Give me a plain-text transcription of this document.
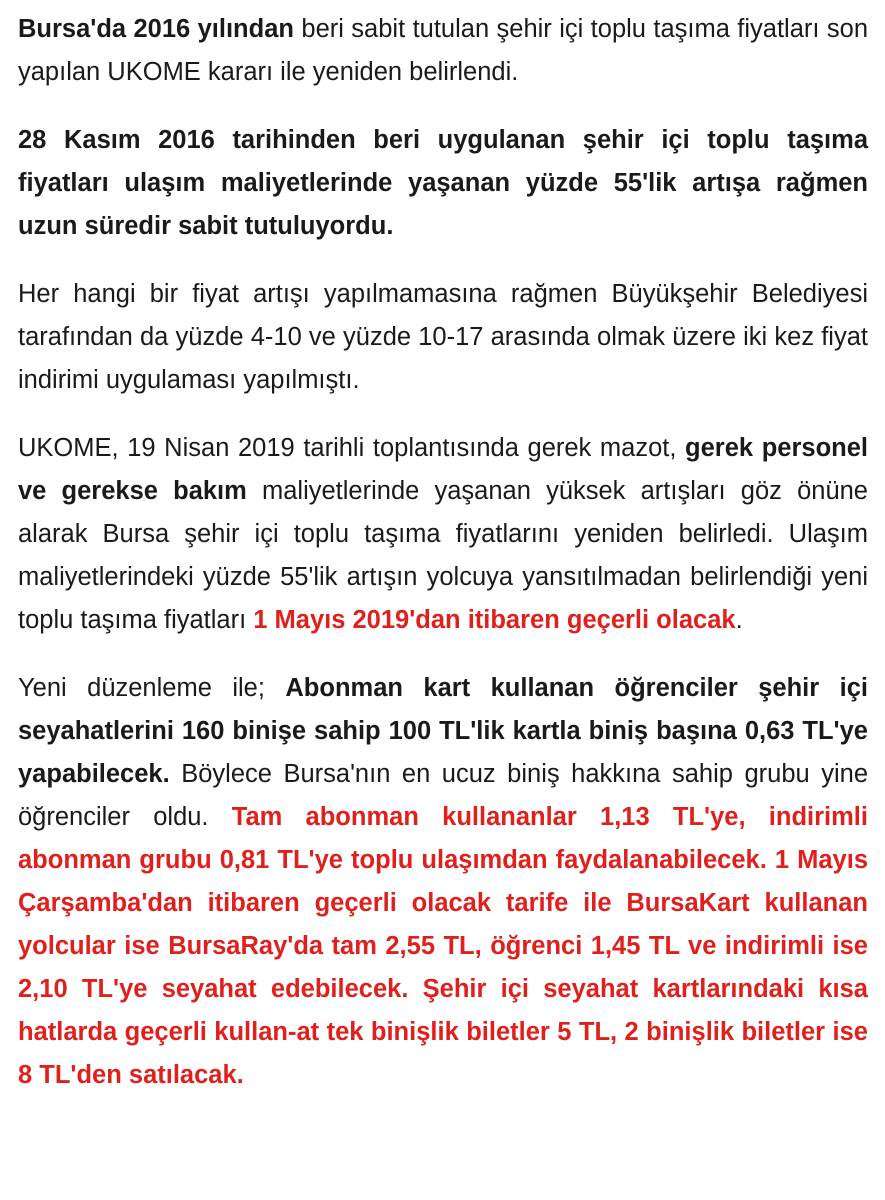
Bursa'da 2016 yılından beri sabit tutulan şehir içi toplu taşıma fiyatları son yapılan UKOME kararı ile yeniden belirlendi.

28 Kasım 2016 tarihinden beri uygulanan şehir içi toplu taşıma fiyatları ulaşım maliyetlerinde yaşanan yüzde 55'lik artışa rağmen uzun süredir sabit tutuluyordu.

Her hangi bir fiyat artışı yapılmamasına rağmen Büyükşehir Belediyesi tarafından da yüzde 4-10 ve yüzde 10-17 arasında olmak üzere iki kez fiyat indirimi uygulaması yapılmıştı.

UKOME, 19 Nisan 2019 tarihli toplantısında gerek mazot, gerek personel ve gerekse bakım maliyetlerinde yaşanan yüksek artışları göz önüne alarak Bursa şehir içi toplu taşıma fiyatlarını yeniden belirledi. Ulaşım maliyetlerindeki yüzde 55'lik artışın yolcuya yansıtılmadan belirlendiği yeni toplu taşıma fiyatları 1 Mayıs 2019'dan itibaren geçerli olacak.

Yeni düzenleme ile; Abonman kart kullanan öğrenciler şehir içi seyahatlerini 160 binişe sahip 100 TL'lik kartla biniş başına 0,63 TL'ye yapabilecek. Böylece Bursa'nın en ucuz biniş hakkına sahip grubu yine öğrenciler oldu. Tam abonman kullananlar 1,13 TL'ye, indirimli abonman grubu 0,81 TL'ye toplu ulaşımdan faydalanabilecek. 1 Mayıs Çarşamba'dan itibaren geçerli olacak tarife ile BursaKart kullanan yolcular ise BursaRay'da tam 2,55 TL, öğrenci 1,45 TL ve indirimli ise 2,10 TL'ye seyahat edebilecek. Şehir içi seyahat kartlarındaki kısa hatlarda geçerli kullan-at tek binişlik biletler 5 TL, 2 binişlik biletler ise 8 TL'den satılacak.
